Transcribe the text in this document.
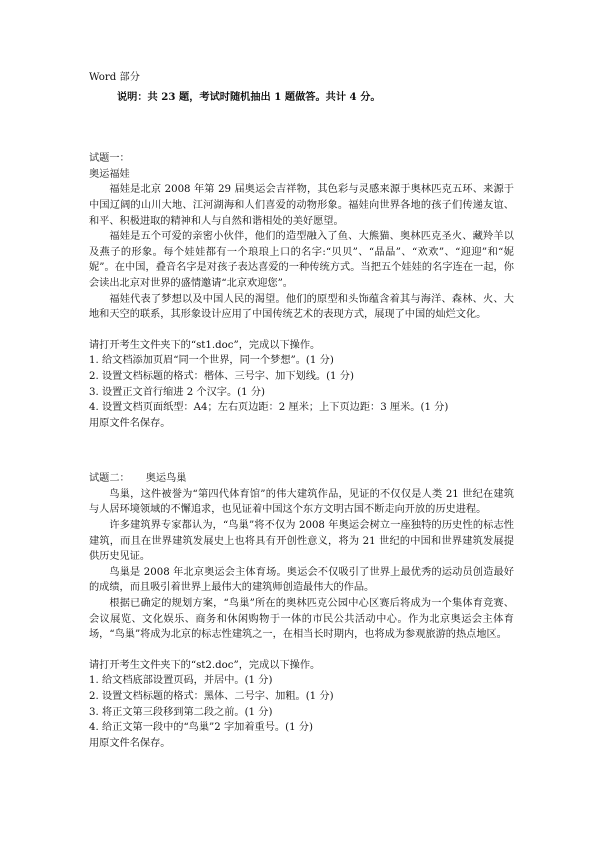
Word 部分
说明：共 23 题，考试时随机抽出 1 题做答。共计 4 分。
试题一：
奥运福娃

福娃是北京 2008 年第 29 届奥运会吉祥物，其色彩与灵感来源于奥林匹克五环、来源于中国辽阔的山川大地、江河湖海和人们喜爱的动物形象。福娃向世界各地的孩子们传递友谊、和平、积极进取的精神和人与自然和谐相处的美好愿望。

福娃是五个可爱的亲密小伙伴，他们的造型融入了鱼、大熊猫、奥林匹克圣火、藏羚羊以及燕子的形象。每个娃娃都有一个琅琅上口的名字:“贝贝”、“晶晶”、“欢欢”、“迎迎”和“妮妮”。在中国，叠音名字是对孩子表达喜爱的一种传统方式。当把五个娃娃的名字连在一起，你会读出北京对世界的盛情邀请“北京欢迎您”。

福娃代表了梦想以及中国人民的渴望。他们的原型和头饰蕴含着其与海洋、森林、火、大地和天空的联系，其形象设计应用了中国传统艺术的表现方式，展现了中国的灿烂文化。

请打开考生文件夹下的“st1.doc”，完成以下操作。
1. 给文档添加页眉“同一个世界，同一个梦想”。(1 分)
2. 设置文档标题的格式：楷体、三号字、加下划线。(1 分)
3. 设置正文首行缩进 2 个汉字。(1 分)
4. 设置文档页面纸型：A4；左右页边距：2 厘米；上下页边距：3 厘米。(1 分)
用原文件名保存。
试题二： 奥运鸟巢

鸟巢，这件被誉为“第四代体育馆”的伟大建筑作品，见证的不仅仅是人类 21 世纪在建筑与人居环境领域的不懈追求，也见证着中国这个东方文明古国不断走向开放的历史进程。

许多建筑界专家都认为，“鸟巢”将不仅为 2008 年奥运会树立一座独特的历史性的标志性建筑，而且在世界建筑发展史上也将具有开创性意义，将为 21 世纪的中国和世界建筑发展提供历史见证。

鸟巢是 2008 年北京奥运会主体育场。奥运会不仅吸引了世界上最优秀的运动员创造最好的成绩，而且吸引着世界上最伟大的建筑师创造最伟大的作品。

根据已确定的规划方案，“鸟巢”所在的奥林匹克公园中心区赛后将成为一个集体育竞赛、会议展览、文化娱乐、商务和休闲购物于一体的市民公共活动中心。作为北京奥运会主体育场，“鸟巢”将成为北京的标志性建筑之一，在相当长时期内，也将成为参观旅游的热点地区。

请打开考生文件夹下的“st2.doc”，完成以下操作。
1. 给文档底部设置页码，并居中。(1 分)
2. 设置文档标题的格式：黑体、二号字、加粗。(1 分)
3. 将正文第三段移到第二段之前。(1 分)
4. 给正文第一段中的“鸟巢”2 字加着重号。(1 分)
用原文件名保存。
